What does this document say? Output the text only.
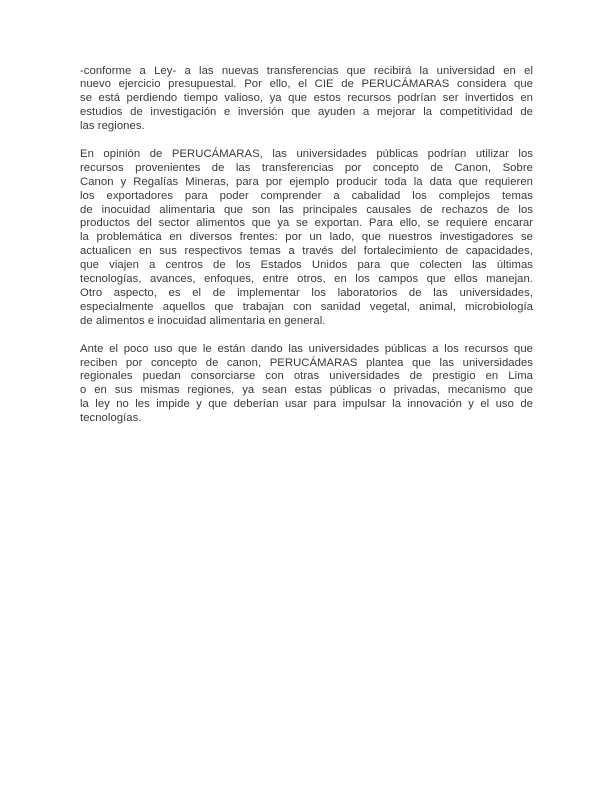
-conforme a Ley- a las nuevas transferencias que recibirá la universidad en el
nuevo ejercicio presupuestal. Por ello, el CIE de PERUCÁMARAS considera que
se está perdiendo tiempo valioso, ya que estos recursos podrían ser invertidos en
estudios de investigación e inversión que ayuden a mejorar la competitividad de
las regiones.
En opinión de PERUCÁMARAS, las universidades públicas podrían utilizar los
recursos provenientes de las transferencias por concepto de Canon, Sobre
Canon y Regalías Mineras, para por ejemplo producir toda la data que requieren
los exportadores para poder comprender a cabalidad los complejos temas
de inocuidad alimentaria que son las principales causales de rechazos de los
productos del sector alimentos que ya se exportan. Para ello, se requiere encarar
la problemática en diversos frentes: por un lado, que nuestros investigadores se
actualicen en sus respectivos temas a través del fortalecimiento de capacidades,
que viajen a centros de los Estados Unidos para que colecten las últimas
tecnologías, avances, enfoques, entre otros, en los campos que ellos manejan.
Otro aspecto, es el de implementar los laboratorios de las universidades,
especialmente aquellos que trabajan con sanidad vegetal, animal, microbiología
de alimentos e inocuidad alimentaria en general.
Ante el poco uso que le están dando las universidades públicas a los recursos que
reciben por concepto de canon, PERUCÁMARAS plantea que las universidades
regionales puedan consorciarse con otras universidades de prestigio en Lima
o en sus mismas regiones, ya sean estas públicas o privadas, mecanismo que
la ley no les impide y que deberían usar para impulsar la innovación y el uso de
tecnologías.
